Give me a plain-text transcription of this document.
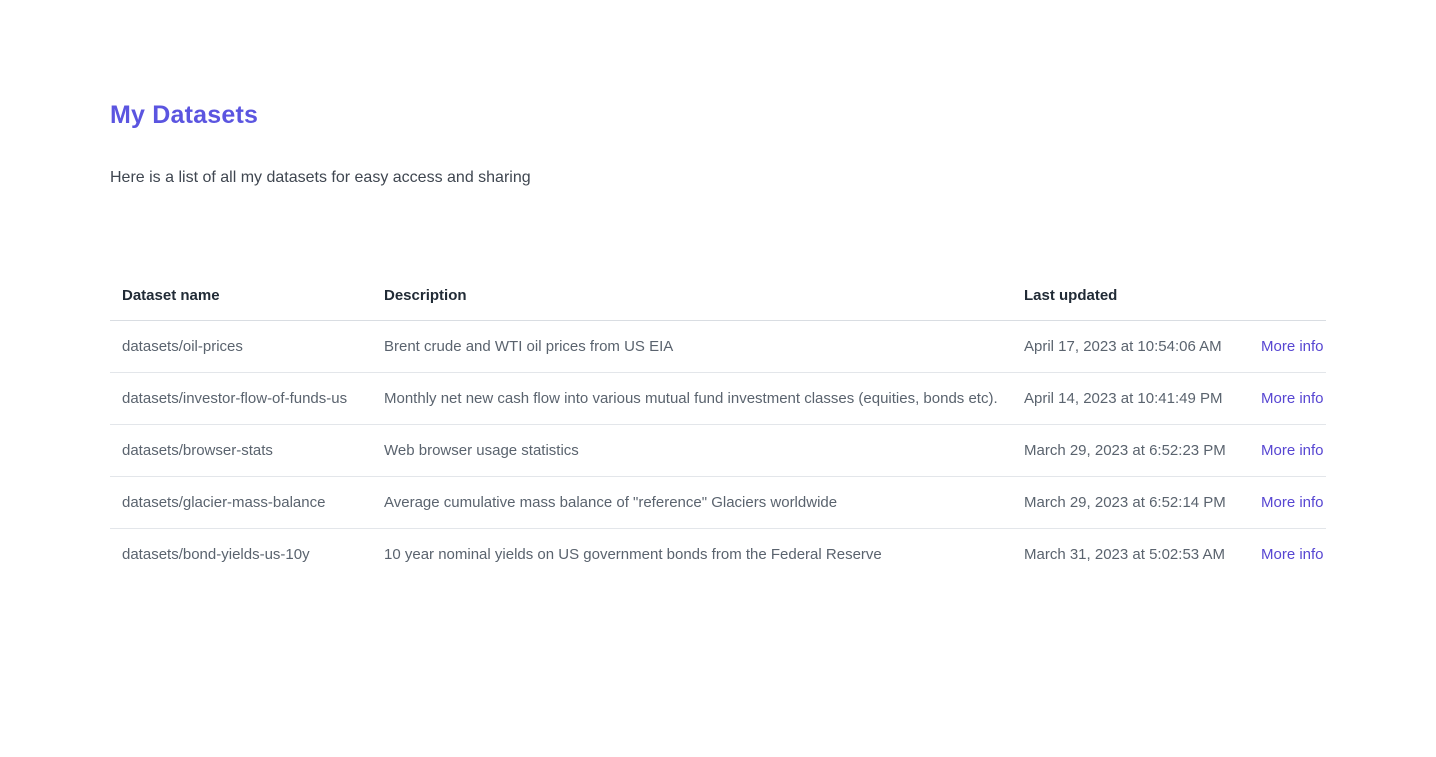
My Datasets

Here is a list of all my datasets for easy access and sharing

Dataset name	Description	Last updated	
datasets/oil-prices	Brent crude and WTI oil prices from US EIA	April 17, 2023 at 10:54:06 AM	More info
datasets/investor-flow-of-funds-us	Monthly net new cash flow into various mutual fund investment classes (equities, bonds etc).	April 14, 2023 at 10:41:49 PM	More info
datasets/browser-stats	Web browser usage statistics	March 29, 2023 at 6:52:23 PM	More info
datasets/glacier-mass-balance	Average cumulative mass balance of "reference" Glaciers worldwide	March 29, 2023 at 6:52:14 PM	More info
datasets/bond-yields-us-10y	10 year nominal yields on US government bonds from the Federal Reserve	March 31, 2023 at 5:02:53 AM	More info
